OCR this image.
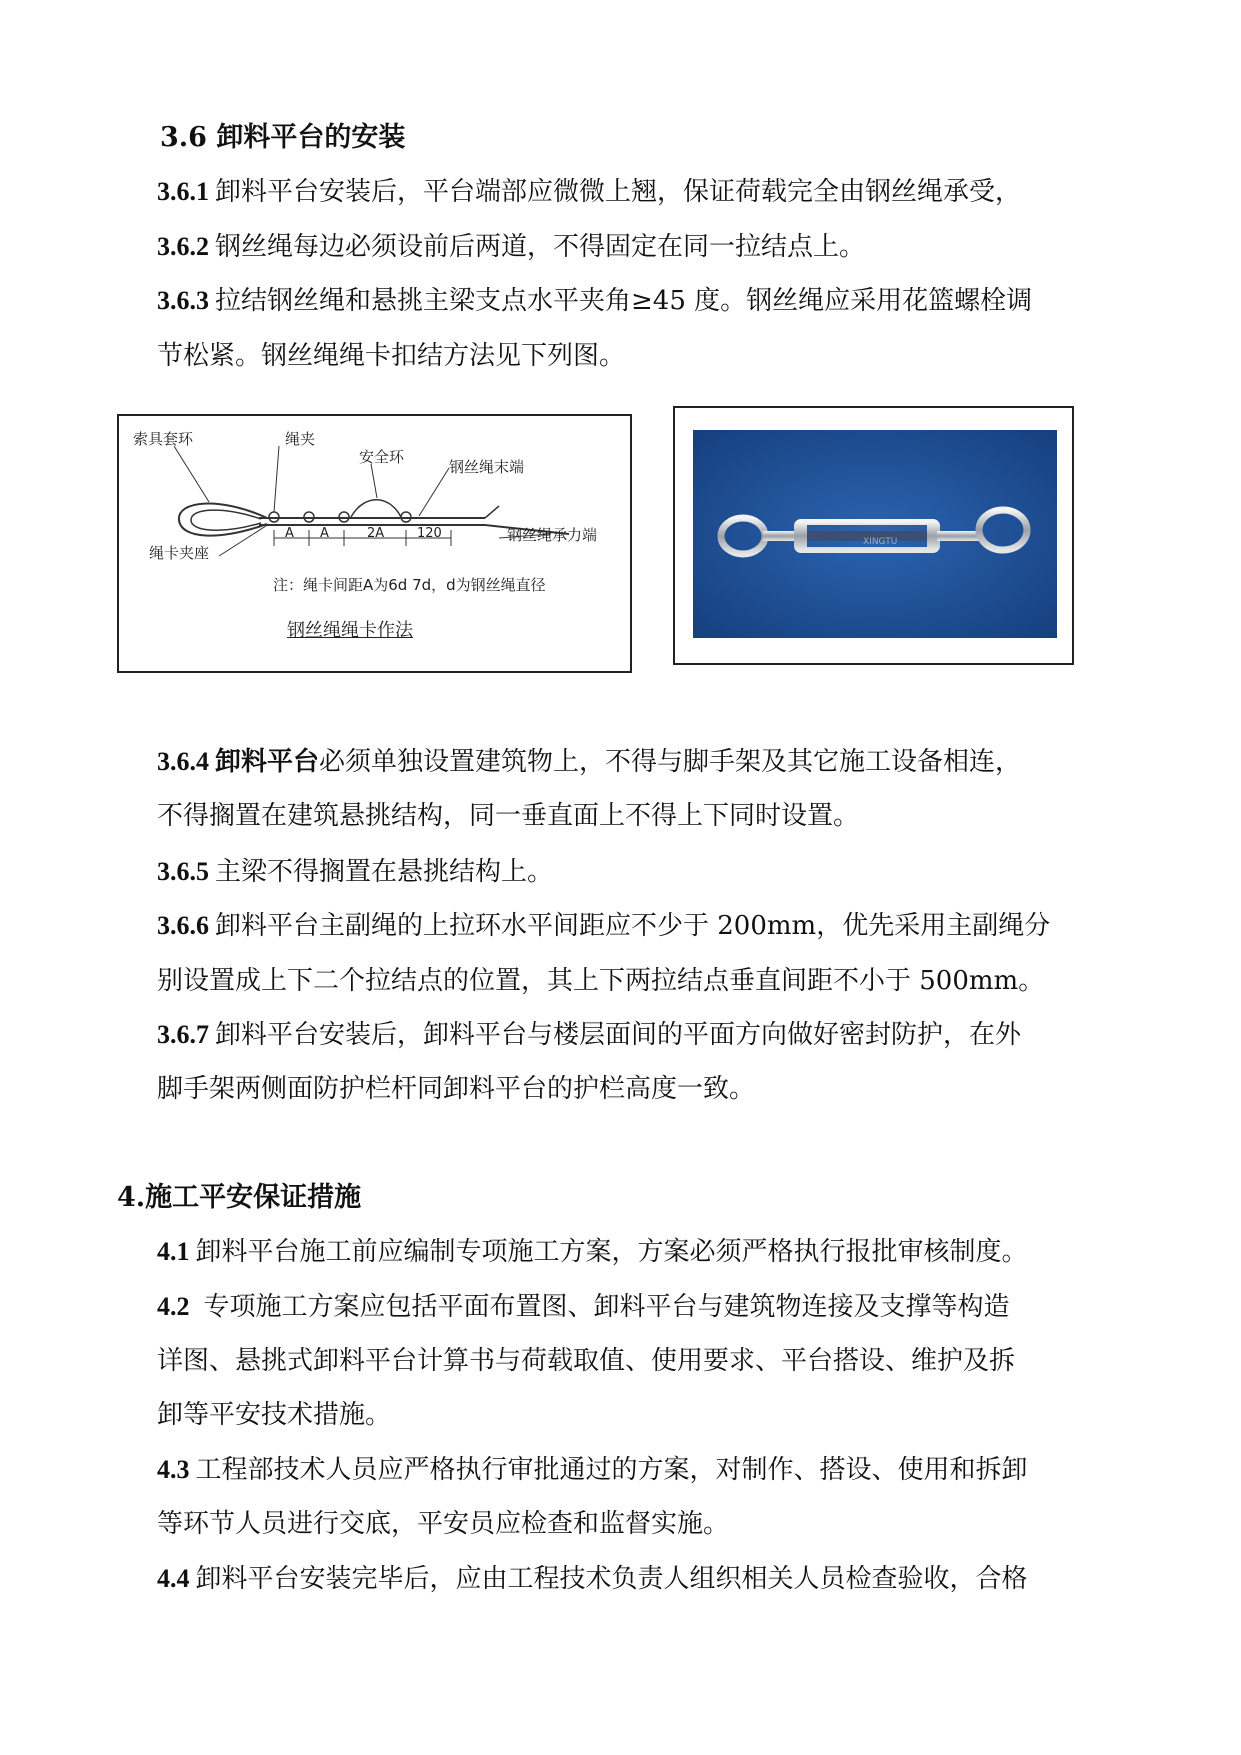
3.6 卸料平台的安装

3.6.1 卸料平台安装后，平台端部应微微上翘，保证荷载完全由钢丝绳承受，

3.6.2 钢丝绳每边必须设前后两道，不得固定在同一拉结点上。

3.6.3 拉结钢丝绳和悬挑主梁支点水平夹角≥45 度。钢丝绳应采用花篮螺栓调

节松紧。钢丝绳绳卡扣结方法见下列图。

索具套环	绳夹
安全环
钢丝绳末端
绳卡夹座
钢丝绳承力端
A A	2A	120
注：绳卡间距A为6d 7d，d为钢丝绳直径
钢丝绳绳卡作法
XINGTU

3.6.4 卸料平台必须单独设置建筑物上，不得与脚手架及其它施工设备相连，

不得搁置在建筑悬挑结构，同一垂直面上不得上下同时设置。

3.6.5 主梁不得搁置在悬挑结构上。

3.6.6 卸料平台主副绳的上拉环水平间距应不少于 200mm，优先采用主副绳分

别设置成上下二个拉结点的位置，其上下两拉结点垂直间距不小于 500mm。

3.6.7 卸料平台安装后，卸料平台与楼层面间的平面方向做好密封防护，在外

脚手架两侧面防护栏杆同卸料平台的护栏高度一致。

4.施工平安保证措施

4.1 卸料平台施工前应编制专项施工方案，方案必须严格执行报批审核制度。

4.2 专项施工方案应包括平面布置图、卸料平台与建筑物连接及支撑等构造

详图、悬挑式卸料平台计算书与荷载取值、使用要求、平台搭设、维护及拆

卸等平安技术措施。

4.3 工程部技术人员应严格执行审批通过的方案，对制作、搭设、使用和拆卸

等环节人员进行交底，平安员应检查和监督实施。

4.4 卸料平台安装完毕后，应由工程技术负责人组织相关人员检查验收，合格
